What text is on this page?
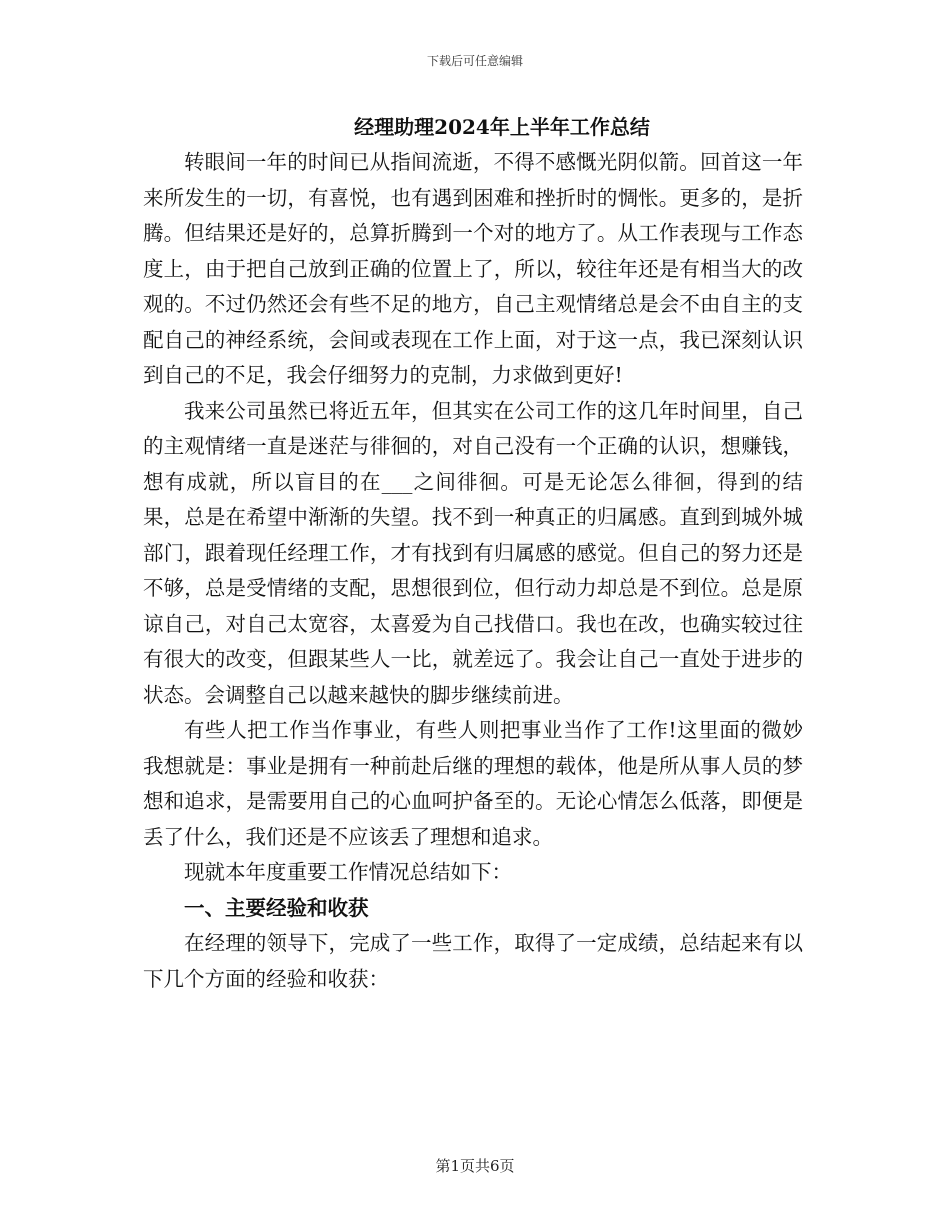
下载后可任意编辑
经理助理2024年上半年工作总结

转眼间一年的时间已从指间流逝，不得不感慨光阴似箭。回首这一年来所发生的一切，有喜悦，也有遇到困难和挫折时的惆怅。更多的，是折腾。但结果还是好的，总算折腾到一个对的地方了。从工作表现与工作态度上，由于把自己放到正确的位置上了，所以，较往年还是有相当大的改观的。不过仍然还会有些不足的地方，自己主观情绪总是会不由自主的支配自己的神经系统，会间或表现在工作上面，对于这一点，我已深刻认识到自己的不足，我会仔细努力的克制，力求做到更好!

我来公司虽然已将近五年，但其实在公司工作的这几年时间里，自己的主观情绪一直是迷茫与徘徊的，对自己没有一个正确的认识，想赚钱，想有成就，所以盲目的在___之间徘徊。可是无论怎么徘徊，得到的结果，总是在希望中渐渐的失望。找不到一种真正的归属感。直到到城外城部门，跟着现任经理工作，才有找到有归属感的感觉。但自己的努力还是不够，总是受情绪的支配，思想很到位，但行动力却总是不到位。总是原谅自己，对自己太宽容，太喜爱为自己找借口。我也在改，也确实较过往有很大的改变，但跟某些人一比，就差远了。我会让自己一直处于进步的状态。会调整自己以越来越快的脚步继续前进。

有些人把工作当作事业，有些人则把事业当作了工作!这里面的微妙我想就是：事业是拥有一种前赴后继的理想的载体，他是所从事人员的梦想和追求，是需要用自己的心血呵护备至的。无论心情怎么低落，即便是丢了什么，我们还是不应该丢了理想和追求。

现就本年度重要工作情况总结如下：

一、主要经验和收获

在经理的领导下，完成了一些工作，取得了一定成绩，总结起来有以下几个方面的经验和收获：

第1页共6页
